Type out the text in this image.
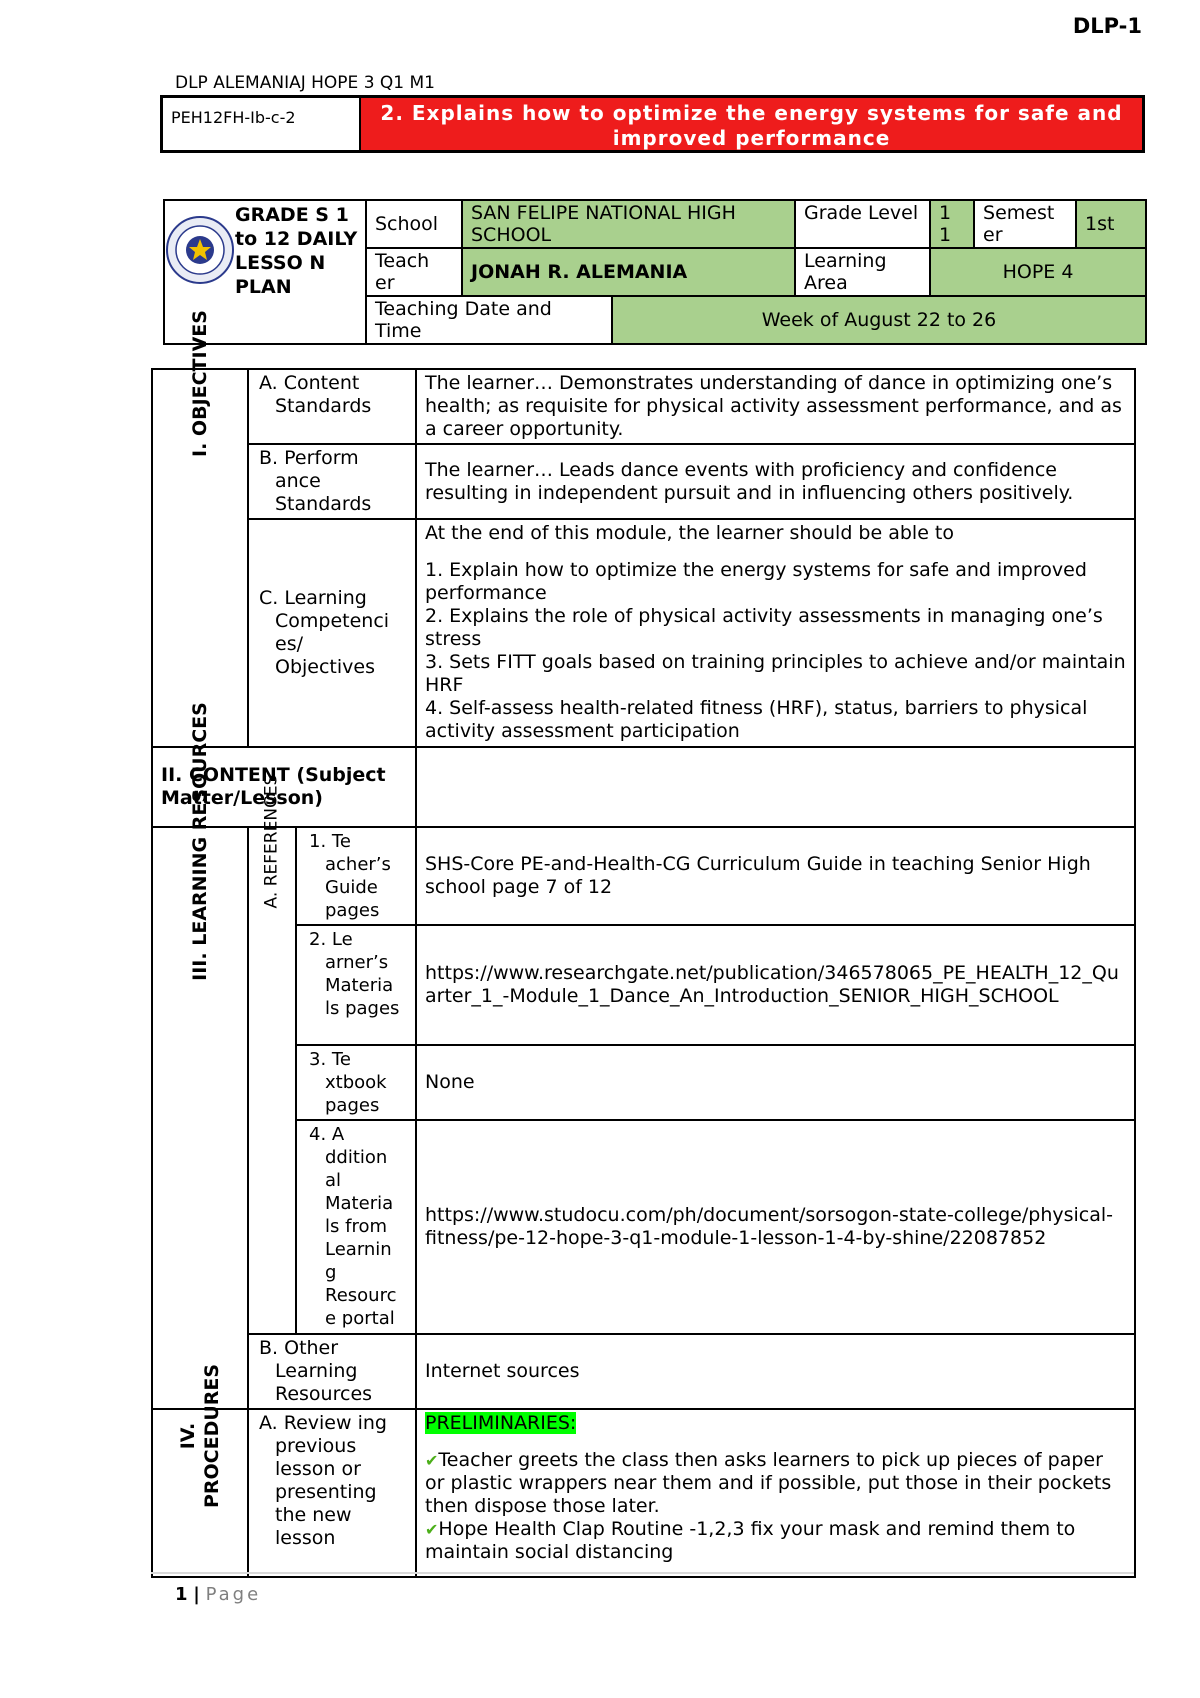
DLP-1
DLP ALEMANIAJ HOPE 3 Q1 M1
PEH12FH-Ib-c-2	2. Explains how to optimize the energy systems for safe and improved performance
GRADE S 1 to 12 DAILY LESSO N PLAN	School	SAN FELIPE NATIONAL HIGH SCHOOL		Grade Level	1 1	Semest er	1st
	Teach er	JONAH R. ALEMANIA		Learning Area	HOPE 4		
	Teaching Date and Time		Week of August 22 to 26				
I. OBJECTIVES	A. Content Standards		The learner… Demonstrates understanding of dance in optimizing one’s health; as requisite for physical activity assessment performance, and as a career opportunity.
	B. Perform ance Standards		The learner… Leads dance events with proficiency and confidence resulting in independent pursuit and in influencing others positively.
	C. Learning Competenci es/ Objectives		At the end of this module, the learner should be able to
1. Explain how to optimize the energy systems for safe and improved performance
2. Explains the role of physical activity assessments in managing one’s stress
3. Sets FITT goals based on training principles to achieve and/or maintain HRF
4. Self-assess health-related fitness (HRF), status, barriers to physical activity assessment participation

II. CONTENT (Subject Matter/Lesson)			

III. LEARNING RESOURCES	A. REFERENCES	1. Te acher’s Guide pages	SHS-Core PE-and-Health-CG Curriculum Guide in teaching Senior High school page 7 of 12
		2. Le arner’s Materia ls pages	https://www.researchgate.net/publication/346578065_PE_HEALTH_12_Quarter_1_-Module_1_Dance_An_Introduction_SENIOR_HIGH_SCHOOL
		3. Te xtbook pages	None
		4. A ddition al Materia ls from Learnin g Resourc e portal	https://www.studocu.com/ph/document/sorsogon-state-college/physical-fitness/pe-12-hope-3-q1-module-1-lesson-1-4-by-shine/22087852
	B. Other Learning Resources		Internet sources

IV. PROCEDURES	A. Review ing previous lesson or presenting the new lesson		PRELIMINARIES:
✔Teacher greets the class then asks learners to pick up pieces of paper or plastic wrappers near them and if possible, put those in their pockets then dispose those later.
✔Hope Health Clap Routine -1,2,3 fix your mask and remind them to maintain social distancing
1 | Page
